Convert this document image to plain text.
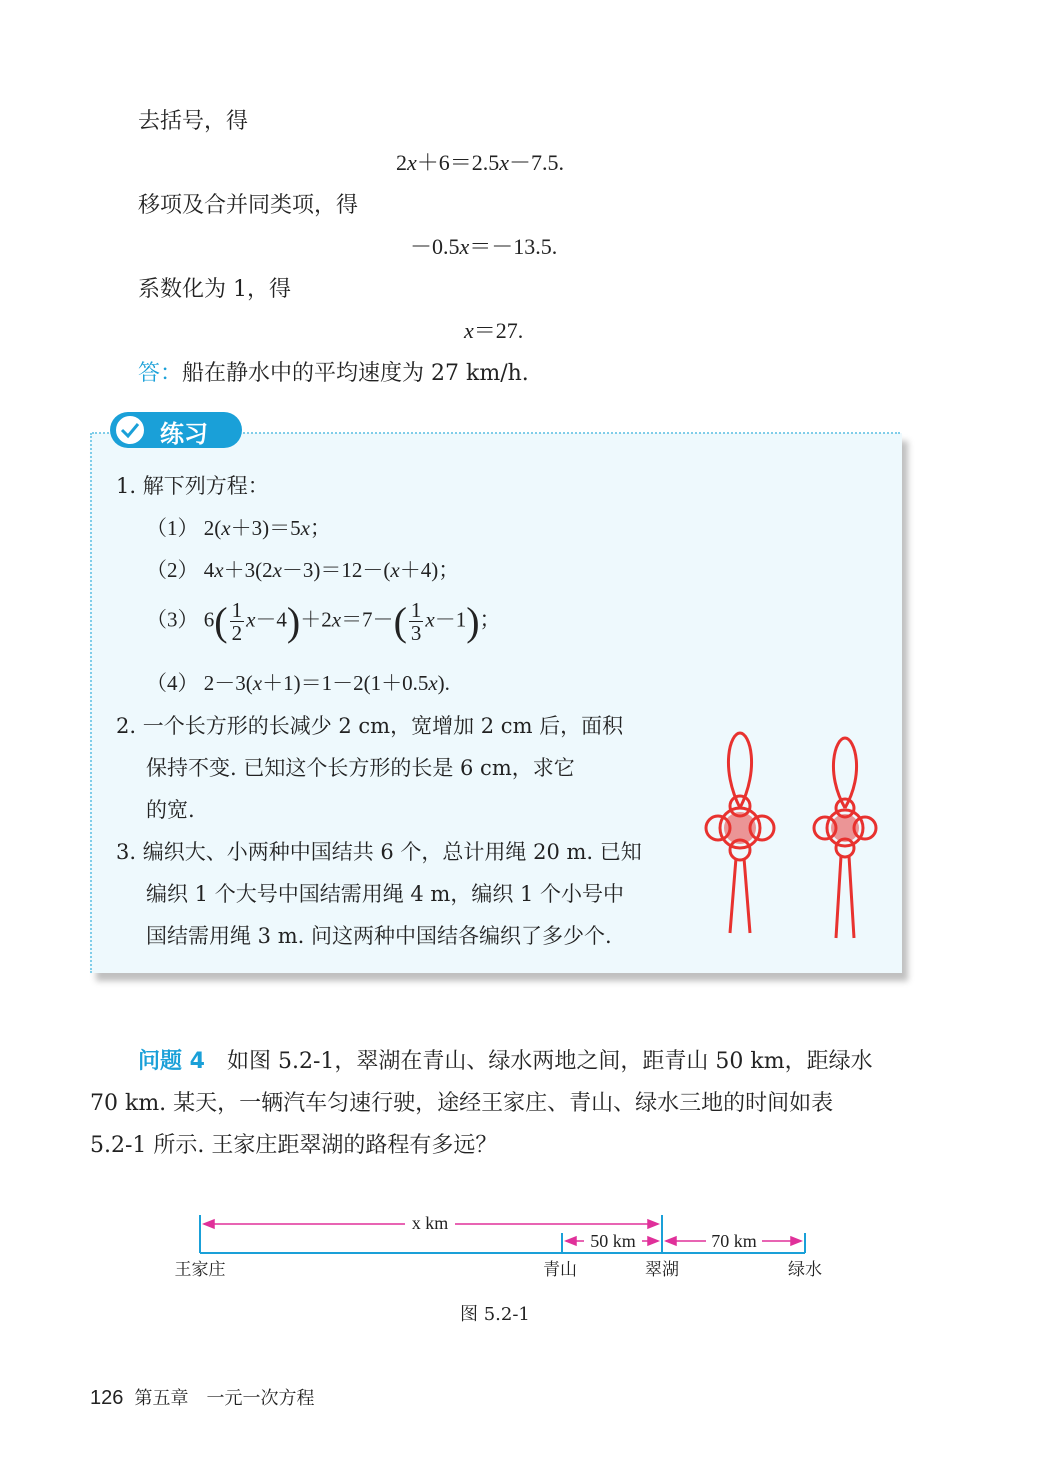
去括号，得
2x＋6＝2.5x－7.5.
移项及合并同类项，得
－0.5x＝－13.5.
系数化为 1，得
x＝27.
答：船在静水中的平均速度为 27 km/h.
练习
1. 解下列方程：
（1） 2(x＋3)＝5x；
（2） 4x＋3(2x－3)＝12－(x＋4)；
（3） $6( \frac{1}{2} x-4)+2x=7-( \frac{1}{3} x-1)$；
（4） 2－3(x＋1)＝1－2(1＋0.5x).
2. 一个长方形的长减少 2 cm，宽增加 2 cm 后，面积
保持不变. 已知这个长方形的长是 6 cm，求它
的宽.
3. 编织大、小两种中国结共 6 个，总计用绳 20 m. 已知
编织 1 个大号中国结需用绳 4 m，编织 1 个小号中
国结需用绳 3 m. 问这两种中国结各编织了多少个.
问题 4　 如图 5.2-1，翠湖在青山、绿水两地之间，距青山 50 km，距绿水
70 km. 某天，一辆汽车匀速行驶，途经王家庄、青山、绿水三地的时间如表
5.2-1 所示. 王家庄距翠湖的路程有多远？
x km
50 km	70 km
王家庄	青山	翠湖	绿水
图 5.2-1
126 第五章　一元一次方程
